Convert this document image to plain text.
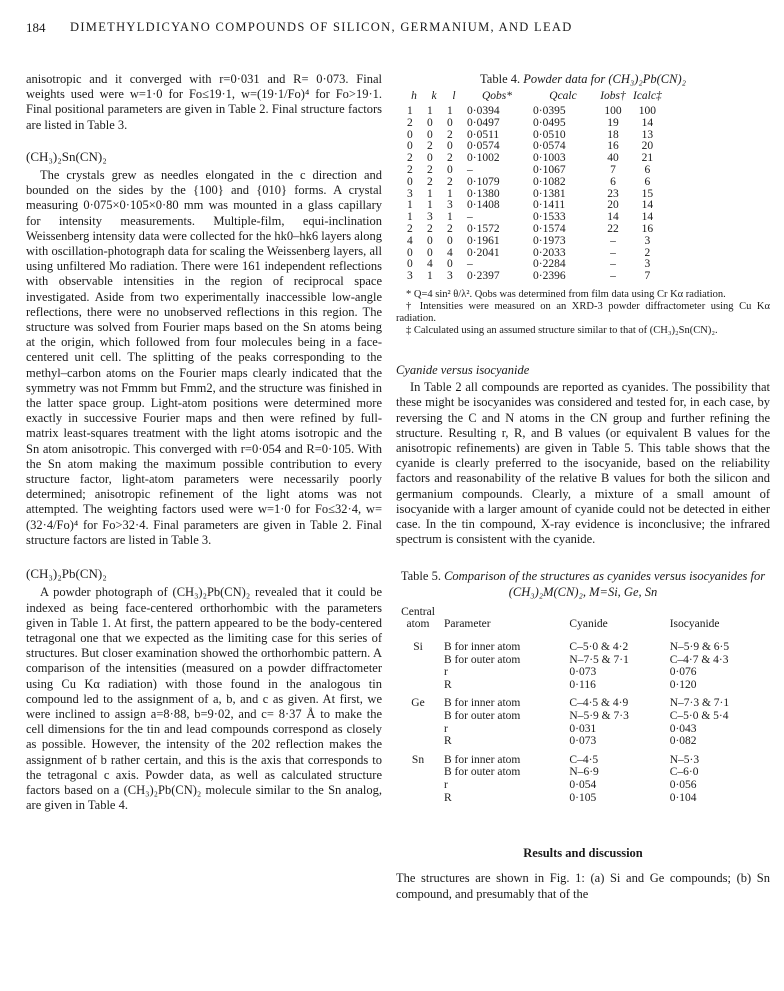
184 DIMETHYLDICYANO COMPOUNDS OF SILICON, GERMANIUM, AND LEAD

anisotropic and it converged with r=0·031 and R= 0·073. Final weights used were w=1·0 for Fo≤19·1, w=(19·1/Fo)⁴ for Fo>19·1. Final positional parameters are given in Table 2. Final structure factors are listed in Table 3.

(CH₃)₂Sn(CN)₂

The crystals grew as needles elongated in the c direction and bounded on the sides by the {100} and {010} forms. A crystal measuring 0·075×0·105×0·80 mm was mounted in a glass capillary for intensity measurements. Multiple-film, equi-inclination Weissenberg intensity data were collected for the hk0–hk6 layers along with oscillation-photograph data for scaling the Weissenberg layers, all using unfiltered Mo radiation. There were 161 independent reflections with observable intensities in the region of reciprocal space investigated. Aside from two experimentally inaccessible low-angle reflections, there were no unobserved reflections in this region. The structure was solved from Fourier maps based on the Sn atoms being at the origin, which followed from four molecules being in a face-centered unit cell. The splitting of the peaks corresponding to the methyl–carbon atoms on the Fourier maps clearly indicated that the symmetry was not Fmmm but Fmm2, and the structure was finished in the latter space group. Light-atom positions were determined more exactly in successive Fourier maps and then were refined by full-matrix least-squares treatment with the light atoms isotropic and the Sn atom anisotropic. This converged with r=0·054 and R=0·105. With the Sn atom making the maximum possible contribution to every structure factor, light-atom parameters were necessarily poorly determined; anisotropic refinement of the light atoms was not attempted. The weighting factors used were w=1·0 for Fo≤32·4, w=(32·4/Fo)⁴ for Fo>32·4. Final parameters are given in Table 2. Final structure factors are listed in Table 3.

(CH₃)₂Pb(CN)₂

A powder photograph of (CH₃)₂Pb(CN)₂ revealed that it could be indexed as being face-centered orthorhombic with the parameters given in Table 1. At first, the pattern appeared to be the body-centered tetragonal one that we expected as the limiting case for this series of structures. But closer examination showed the orthorhombic pattern. A comparison of the intensities (measured on a powder diffractometer using Cu Kα radiation) with those found in the analogous tin compound led to the assignment of a, b, and c as given. At first, we were inclined to assign a=8·88, b=9·02, and c= 8·37 Å to make the cell dimensions for the tin and lead compounds correspond as closely as possible. However, the intensity of the 202 reflection makes the assignment of b rather certain, and this is the axis that corresponds to the tetragonal c axis. Powder data, as well as calculated structure factors based on a (CH₃)₂Pb(CN)₂ molecule similar to the Sn analog, are given in Table 4.

Table 4. Powder data for (CH₃)₂Pb(CN)₂
h	k	l	Qobs*	Qcalc	Iobs†	Icalc‡
1	1	1	0·0394	0·0395	100	100
2	0	0	0·0497	0·0495	19	14
0	0	2	0·0511	0·0510	18	13
0	2	0	0·0574	0·0574	16	20
2	0	2	0·1002	0·1003	40	21
2	2	0	–	0·1067	7	6
0	2	2	0·1079	0·1082	6	6
3	1	1	0·1380	0·1381	23	15
1	1	3	0·1408	0·1411	20	14
1	3	1	–	0·1533	14	14
2	2	2	0·1572	0·1574	22	16
4	0	0	0·1961	0·1973	–	3
0	0	4	0·2041	0·2033	–	2
0	4	0	–	0·2284	–	3
3	1	3	0·2397	0·2396	–	7

* Q=4 sin² θ/λ². Qobs was determined from film data using Cr Kα radiation.

† Intensities were measured on an XRD-3 powder diffractometer using Cu Kα radiation.

‡ Calculated using an assumed structure similar to that of (CH₃)₂Sn(CN)₂.

Cyanide versus isocyanide

In Table 2 all compounds are reported as cyanides. The possibility that these might be isocyanides was considered and tested for, in each case, by reversing the C and N atoms in the CN group and further refining the structure. Resulting r, R, and B values (or equivalent B values for the anisotropic refinements) are given in Table 5. This table shows that the cyanide is clearly preferred to the isocyanide, based on the reliability factors and reasonability of the relative B values for both the silicon and germanium compounds. Clearly, a mixture of a small amount of isocyanide with a larger amount of cyanide could not be detected in either case. In the tin compound, X-ray evidence is inconclusive; the infrared spectrum is consistent with the cyanide.

Table 5. Comparison of the structures as cyanides versus isocyanides for (CH₃)₂M(CN)₂, M=Si, Ge, Sn
Central atom	Parameter	Cyanide	Isocyanide
Si	B for inner atom	C–5·0 & 4·2	N–5·9 & 6·5
	B for outer atom	N–7·5 & 7·1	C–4·7 & 4·3
	r	0·073	0·076
	R	0·116	0·120
Ge	B for inner atom	C–4·5 & 4·9	N–7·3 & 7·1
	B for outer atom	N–5·9 & 7·3	C–5·0 & 5·4
	r	0·031	0·043
	R	0·073	0·082
Sn	B for inner atom	C–4·5	N–5·3
	B for outer atom	N–6·9	C–6·0
	r	0·054	0·056
	R	0·105	0·104
Results and discussion

The structures are shown in Fig. 1: (a) Si and Ge compounds; (b) Sn compound, and presumably that of the
